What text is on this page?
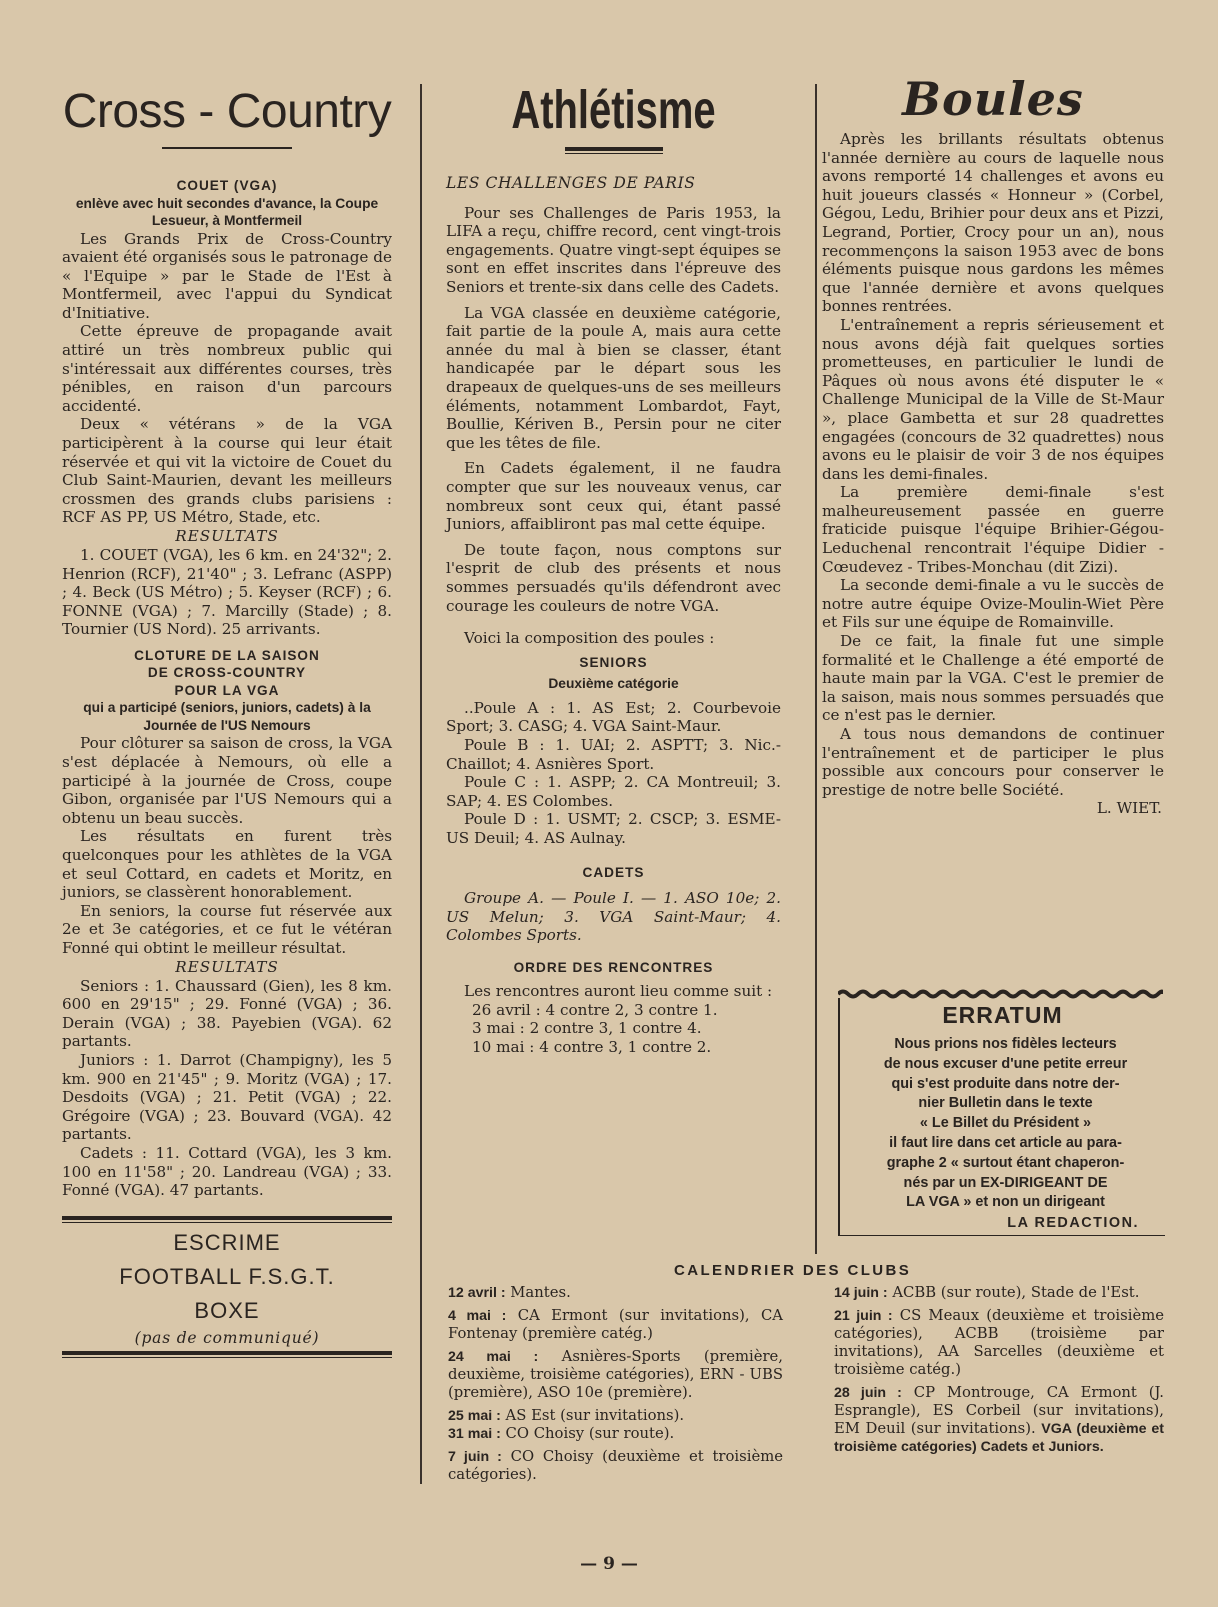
Cross - Country

COUET (VGA)

enlève avec huit secondes d'avance, la Coupe Lesueur, à Montfermeil

Les Grands Prix de Cross-Country avaient été organisés sous le patronage de « l'Equipe » par le Stade de l'Est à Montfermeil, avec l'appui du Syndicat d'Initiative.

Cette épreuve de propagande avait attiré un très nombreux public qui s'intéressait aux différentes courses, très pénibles, en raison d'un parcours accidenté.

Deux « vétérans » de la VGA participèrent à la course qui leur était réservée et qui vit la victoire de Couet du Club Saint-Maurien, devant les meilleurs crossmen des grands clubs parisiens : RCF AS PP, US Métro, Stade, etc.

RESULTATS

1. COUET (VGA), les 6 km. en 24'32"; 2. Henrion (RCF), 21'40" ; 3. Lefranc (ASPP) ; 4. Beck (US Métro) ; 5. Keyser (RCF) ; 6. FONNE (VGA) ; 7. Marcilly (Stade) ; 8. Tournier (US Nord). 25 arrivants.

CLOTURE DE LA SAISON

DE CROSS-COUNTRY

POUR LA VGA

qui a participé (seniors, juniors, cadets) à la Journée de l'US Nemours

Pour clôturer sa saison de cross, la VGA s'est déplacée à Nemours, où elle a participé à la journée de Cross, coupe Gibon, organisée par l'US Nemours qui a obtenu un beau succès.

Les résultats en furent très quelconques pour les athlètes de la VGA et seul Cottard, en cadets et Moritz, en juniors, se classèrent honorablement.

En seniors, la course fut réservée aux 2e et 3e catégories, et ce fut le vétéran Fonné qui obtint le meilleur résultat.

RESULTATS

Seniors : 1. Chaussard (Gien), les 8 km. 600 en 29'15" ; 29. Fonné (VGA) ; 36. Derain (VGA) ; 38. Payebien (VGA). 62 partants.

Juniors : 1. Darrot (Champigny), les 5 km. 900 en 21'45" ; 9. Moritz (VGA) ; 17. Desdoits (VGA) ; 21. Petit (VGA) ; 22. Grégoire (VGA) ; 23. Bouvard (VGA). 42 partants.

Cadets : 11. Cottard (VGA), les 3 km. 100 en 11'58" ; 20. Landreau (VGA) ; 33. Fonné (VGA). 47 partants.

ESCRIME
FOOTBALL F.S.G.T.
BOXE
(pas de communiqué)
Athlétisme

LES CHALLENGES DE PARIS

Pour ses Challenges de Paris 1953, la LIFA a reçu, chiffre record, cent vingt-trois engagements. Quatre vingt-sept équipes se sont en effet inscrites dans l'épreuve des Seniors et trente-six dans celle des Cadets.

La VGA classée en deuxième catégorie, fait partie de la poule A, mais aura cette année du mal à bien se classer, étant handicapée par le départ sous les drapeaux de quelques-uns de ses meilleurs éléments, notamment Lombardot, Fayt, Boullie, Kériven B., Persin pour ne citer que les têtes de file.

En Cadets également, il ne faudra compter que sur les nouveaux venus, car nombreux sont ceux qui, étant passé Juniors, affaibliront pas mal cette équipe.

De toute façon, nous comptons sur l'esprit de club des présents et nous sommes persuadés qu'ils défendront avec courage les couleurs de notre VGA.

Voici la composition des poules :

SENIORS

Deuxième catégorie

..Poule A : 1. AS Est; 2. Courbevoie Sport; 3. CASG; 4. VGA Saint-Maur.

Poule B : 1. UAI; 2. ASPTT; 3. Nic.-Chaillot; 4. Asnières Sport.

Poule C : 1. ASPP; 2. CA Montreuil; 3. SAP; 4. ES Colombes.

Poule D : 1. USMT; 2. CSCP; 3. ESME-US Deuil; 4. AS Aulnay.

CADETS

Groupe A. — Poule I. — 1. ASO 10e; 2. US Melun; 3. VGA Saint-Maur; 4. Colombes Sports.

ORDRE DES RENCONTRES

Les rencontres auront lieu comme suit :

26 avril : 4 contre 2, 3 contre 1.

3 mai : 2 contre 3, 1 contre 4.

10 mai : 4 contre 3, 1 contre 2.

Boules

Après les brillants résultats obtenus l'année dernière au cours de laquelle nous avons remporté 14 challenges et avons eu huit joueurs classés « Honneur » (Corbel, Gégou, Ledu, Brihier pour deux ans et Pizzi, Legrand, Portier, Crocy pour un an), nous recommençons la saison 1953 avec de bons éléments puisque nous gardons les mêmes que l'année dernière et avons quelques bonnes rentrées.

L'entraînement a repris sérieusement et nous avons déjà fait quelques sorties prometteuses, en particulier le lundi de Pâques où nous avons été disputer le « Challenge Municipal de la Ville de St-Maur », place Gambetta et sur 28 quadrettes engagées (concours de 32 quadrettes) nous avons eu le plaisir de voir 3 de nos équipes dans les demi-finales.

La première demi-finale s'est malheureusement passée en guerre fraticide puisque l'équipe Brihier-Gégou-Leduchenal rencontrait l'équipe Didier - Cœudevez - Tribes-Monchau (dit Zizi).

La seconde demi-finale a vu le succès de notre autre équipe Ovize-Moulin-Wiet Père et Fils sur une équipe de Romainville.

De ce fait, la finale fut une simple formalité et le Challenge a été emporté de haute main par la VGA. C'est le premier de la saison, mais nous sommes persuadés que ce n'est pas le dernier.

A tous nous demandons de continuer l'entraînement et de participer le plus possible aux concours pour conserver le prestige de notre belle Société.

L. WIET.

ERRATUM
Nous prions nos fidèles lecteurs
de nous excuser d'une petite erreur
qui s'est produite dans notre der-
nier Bulletin dans le texte
« Le Billet du Président »
il faut lire dans cet article au para-
graphe 2 « surtout étant chaperon-
nés par un EX-DIRIGEANT DE
LA VGA » et non un dirigeant
LA REDACTION.
CALENDRIER DES CLUBS

12 avril : Mantes.

4 mai : CA Ermont (sur invitations), CA Fontenay (première catég.)

24 mai : Asnières-Sports (première, deuxième, troisième catégories), ERN - UBS (première), ASO 10e (première).

25 mai : AS Est (sur invitations).

31 mai : CO Choisy (sur route).

7 juin : CO Choisy (deuxième et troisième catégories).

14 juin : ACBB (sur route), Stade de l'Est.

21 juin : CS Meaux (deuxième et troisième catégories), ACBB (troisième par invitations), AA Sarcelles (deuxième et troisième catég.)

28 juin : CP Montrouge, CA Ermont (J. Esprangle), ES Corbeil (sur invitations), EM Deuil (sur invitations). VGA (deuxième et troisième catégories) Cadets et Juniors.

— 9 —
